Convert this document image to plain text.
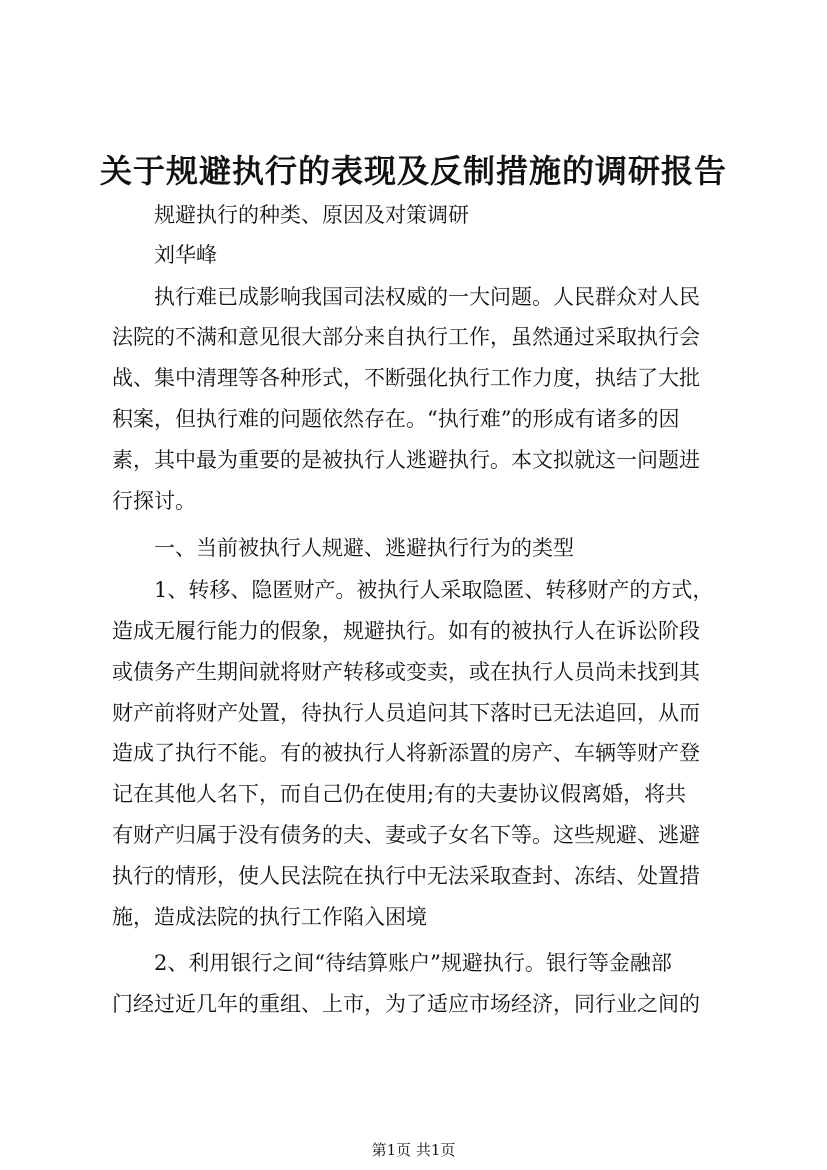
关于规避执行的表现及反制措施的调研报告

　　规避执行的种类、原因及对策调研

　　刘华峰

　　执行难已成影响我国司法权威的一大问题。人民群众对人民

法院的不满和意见很大部分来自执行工作，虽然通过采取执行会

战、集中清理等各种形式，不断强化执行工作力度，执结了大批

积案，但执行难的问题依然存在。“执行难”的形成有诸多的因

素，其中最为重要的是被执行人逃避执行。本文拟就这一问题进

行探讨。

　　一、当前被执行人规避、逃避执行行为的类型

　　1、转移、隐匿财产。被执行人采取隐匿、转移财产的方式，

造成无履行能力的假象，规避执行。如有的被执行人在诉讼阶段

或债务产生期间就将财产转移或变卖，或在执行人员尚未找到其

财产前将财产处置，待执行人员追问其下落时已无法追回，从而

造成了执行不能。有的被执行人将新添置的房产、车辆等财产登

记在其他人名下，而自己仍在使用;有的夫妻协议假离婚，将共

有财产归属于没有债务的夫、妻或子女名下等。这些规避、逃避

执行的情形，使人民法院在执行中无法采取查封、冻结、处置措

施，造成法院的执行工作陷入困境

　　2、利用银行之间“待结算账户”规避执行。银行等金融部

门经过近几年的重组、上市，为了适应市场经济，同行业之间的

第1页 共1页
